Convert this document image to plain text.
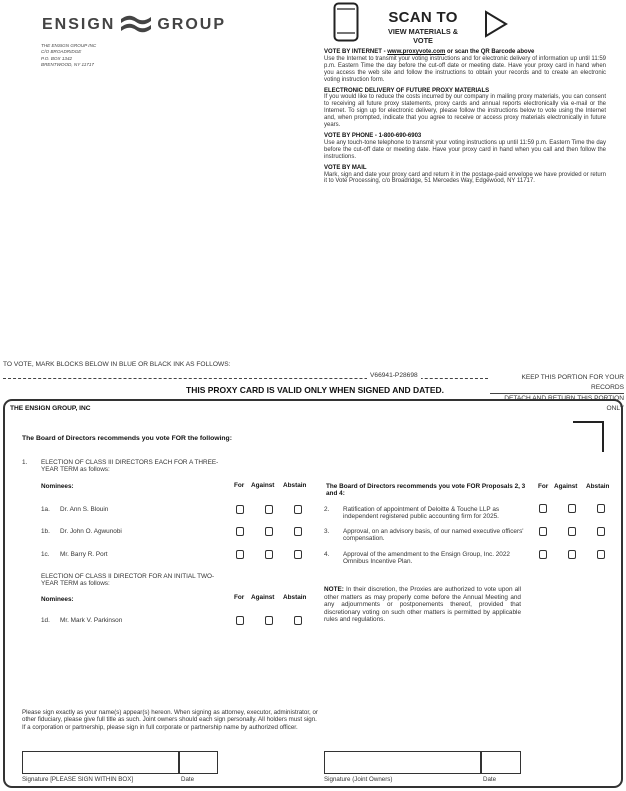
ENSIGN	GROUP
THE ENSIGN GROUP INC
C/O BROADRIDGE
P.O. BOX 1342
BRENTWOOD, NY 11717
SCAN TO
VIEW MATERIALS & VOTE
VOTE BY INTERNET - www.proxyvote.com or scan the QR Barcode above

Use the Internet to transmit your voting instructions and for electronic delivery of information up until 11:59 p.m. Eastern Time the day before the cut-off date or meeting date. Have your proxy card in hand when you access the web site and follow the instructions to obtain your records and to create an electronic voting instruction form.

ELECTRONIC DELIVERY OF FUTURE PROXY MATERIALS

If you would like to reduce the costs incurred by our company in mailing proxy materials, you can consent to receiving all future proxy statements, proxy cards and annual reports electronically via e-mail or the Internet. To sign up for electronic delivery, please follow the instructions below to vote using the Internet and, when prompted, indicate that you agree to receive or access proxy materials electronically in future years.

VOTE BY PHONE - 1-800-690-6903

Use any touch-tone telephone to transmit your voting instructions up until 11:59 p.m. Eastern Time the day before the cut-off date or meeting date. Have your proxy card in hand when you call and then follow the instructions.

VOTE BY MAIL

Mark, sign and date your proxy card and return it in the postage-paid envelope we have provided or return it to Vote Processing, c/o Broadridge, 51 Mercedes Way, Edgewood, NY 11717.

TO VOTE, MARK BLOCKS BELOW IN BLUE OR BLACK INK AS FOLLOWS:
V66941-P28698	KEEP THIS PORTION FOR YOUR RECORDS
DETACH AND RETURN THIS PORTION ONLY
THIS PROXY CARD IS VALID ONLY WHEN SIGNED AND DATED.
THE ENSIGN GROUP, INC
The Board of Directors recommends you vote FOR the following:
1. ELECTION OF CLASS III DIRECTORS EACH FOR A THREE-YEAR TERM as follows:
Nominees:	For Against Abstain
1a. Dr. Ann S. Blouin
1b. Dr. John O. Agwunobi
1c. Mr. Barry R. Port
ELECTION OF CLASS II DIRECTOR FOR AN INITIAL TWO-YEAR TERM as follows:
Nominees:	For Against Abstain
1d. Mr. Mark V. Parkinson
The Board of Directors recommends you vote FOR Proposals 2, 3 and 4:
For Against Abstain
2. Ratification of appointment of Deloitte & Touche LLP as independent registered public accounting firm for 2025.
3. Approval, on an advisory basis, of our named executive officers' compensation.
4. Approval of the amendment to the Ensign Group, Inc. 2022 Omnibus Incentive Plan.
NOTE: In their discretion, the Proxies are authorized to vote upon all other matters as may properly come before the Annual Meeting and any adjournments or postponements thereof, provided that discretionary voting on such other matters is permitted by applicable rules and regulations.
Please sign exactly as your name(s) appear(s) hereon. When signing as attorney, executor, administrator, or other fiduciary, please give full title as such. Joint owners should each sign personally. All holders must sign. If a corporation or partnership, please sign in full corporate or partnership name by authorized officer.
Signature [PLEASE SIGN WITHIN BOX]	Date	Signature (Joint Owners)	Date
